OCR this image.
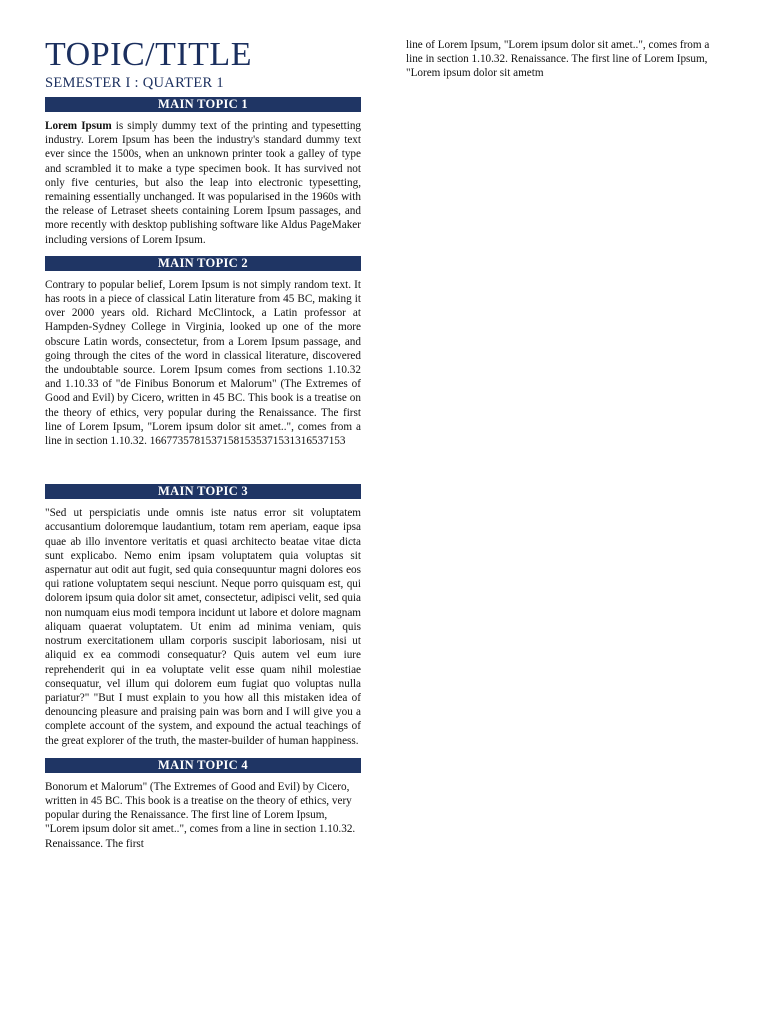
TOPIC/TITLE
SEMESTER I : QUARTER 1
MAIN TOPIC 1

Lorem Ipsum is simply dummy text of the printing and typesetting industry. Lorem Ipsum has been the industry's standard dummy text ever since the 1500s, when an unknown printer took a galley of type and scrambled it to make a type specimen book. It has survived not only five centuries, but also the leap into electronic typesetting, remaining essentially unchanged. It was popularised in the 1960s with the release of Letraset sheets containing Lorem Ipsum passages, and more recently with desktop publishing software like Aldus PageMaker including versions of Lorem Ipsum.

MAIN TOPIC 2

Contrary to popular belief, Lorem Ipsum is not simply random text. It has roots in a piece of classical Latin literature from 45 BC, making it over 2000 years old. Richard McClintock, a Latin professor at Hampden-Sydney College in Virginia, looked up one of the more obscure Latin words, consectetur, from a Lorem Ipsum passage, and going through the cites of the word in classical literature, discovered the undoubtable source. Lorem Ipsum comes from sections 1.10.32 and 1.10.33 of "de Finibus Bonorum et Malorum" (The Extremes of Good and Evil) by Cicero, written in 45 BC. This book is a treatise on the theory of ethics, very popular during the Renaissance. The first line of Lorem Ipsum, "Lorem ipsum dolor sit amet..", comes from a line in section 1.10.32. 16677357815371581535371531316537153

MAIN TOPIC 3

"Sed ut perspiciatis unde omnis iste natus error sit voluptatem accusantium doloremque laudantium, totam rem aperiam, eaque ipsa quae ab illo inventore veritatis et quasi architecto beatae vitae dicta sunt explicabo. Nemo enim ipsam voluptatem quia voluptas sit aspernatur aut odit aut fugit, sed quia consequuntur magni dolores eos qui ratione voluptatem sequi nesciunt. Neque porro quisquam est, qui dolorem ipsum quia dolor sit amet, consectetur, adipisci velit, sed quia non numquam eius modi tempora incidunt ut labore et dolore magnam aliquam quaerat voluptatem. Ut enim ad minima veniam, quis nostrum exercitationem ullam corporis suscipit laboriosam, nisi ut aliquid ex ea commodi consequatur? Quis autem vel eum iure reprehenderit qui in ea voluptate velit esse quam nihil molestiae consequatur, vel illum qui dolorem eum fugiat quo voluptas nulla pariatur?" "But I must explain to you how all this mistaken idea of denouncing pleasure and praising pain was born and I will give you a complete account of the system, and expound the actual teachings of the great explorer of the truth, the master-builder of human happiness.

MAIN TOPIC 4

Bonorum et Malorum" (The Extremes of Good and Evil) by Cicero, written in 45 BC. This book is a treatise on the theory of ethics, very popular during the Renaissance. The first line of Lorem Ipsum, "Lorem ipsum dolor sit amet..", comes from a line in section 1.10.32. Renaissance. The first

line of Lorem Ipsum, "Lorem ipsum dolor sit amet..", comes from a line in section 1.10.32. Renaissance. The first line of Lorem Ipsum, "Lorem ipsum dolor sit ametm
